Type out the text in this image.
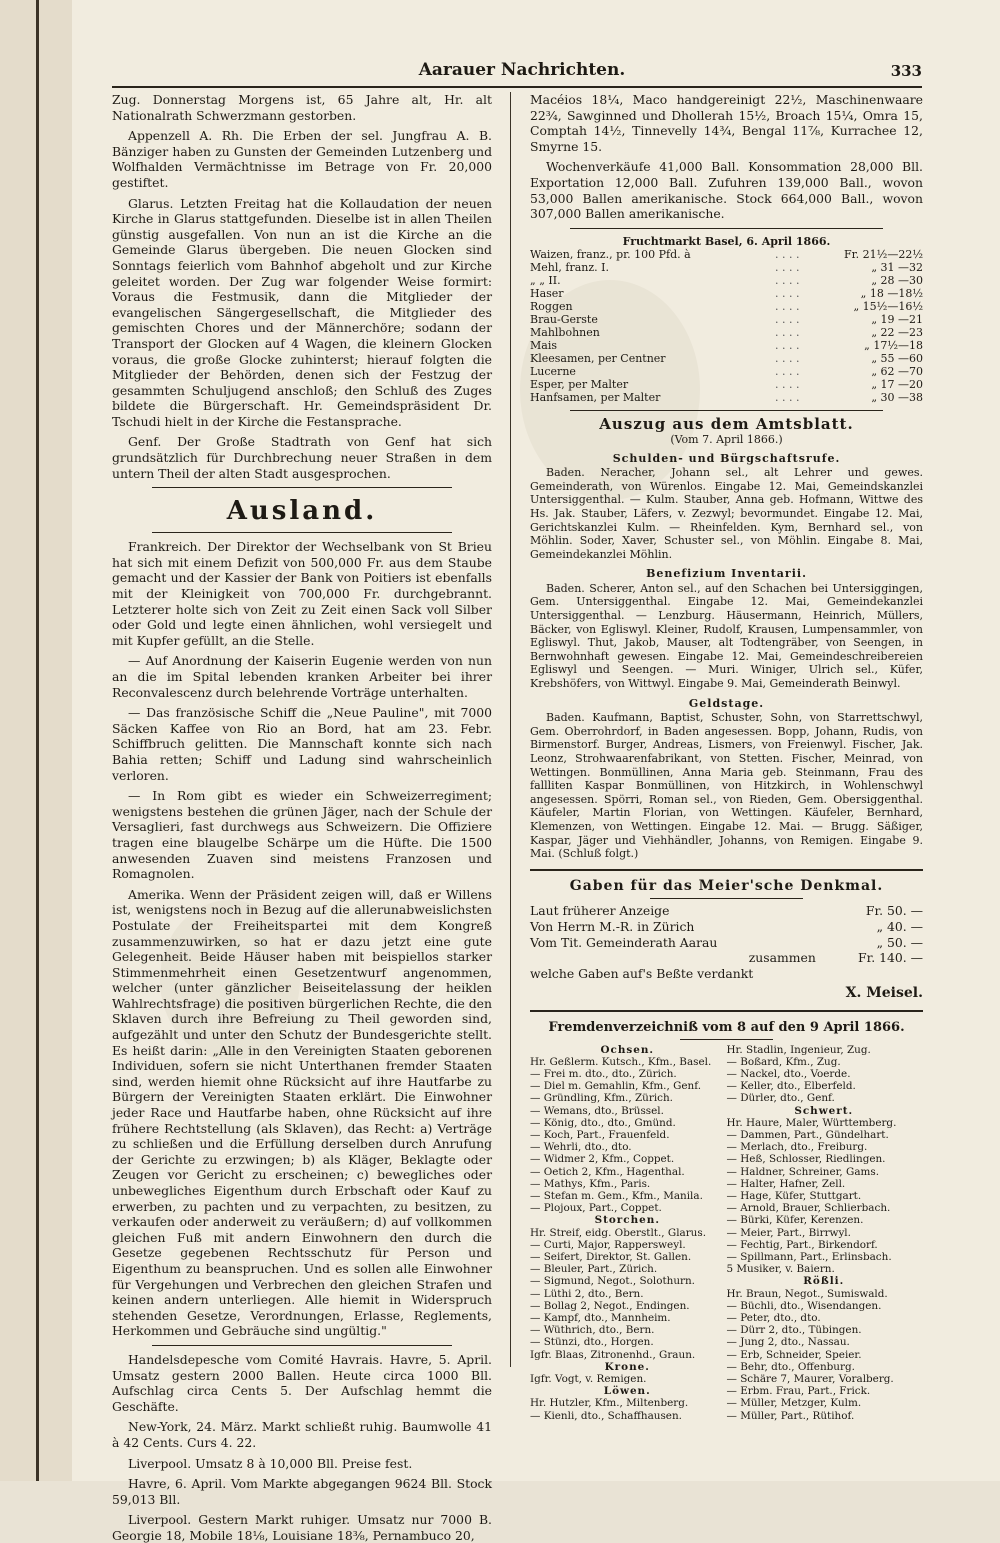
Aarauer Nachrichten.	333

Zug. Donnerstag Morgens ist, 65 Jahre alt, Hr. alt Nationalrath Schwerzmann gestorben.

Appenzell A. Rh. Die Erben der sel. Jungfrau A. B. Bänziger haben zu Gunsten der Gemeinden Lutzenberg und Wolfhalden Vermächtnisse im Betrage von Fr. 20,000 gestiftet.

Glarus. Letzten Freitag hat die Kollaudation der neuen Kirche in Glarus stattgefunden. Dieselbe ist in allen Theilen günstig ausgefallen. Von nun an ist die Kirche an die Gemeinde Glarus übergeben. Die neuen Glocken sind Sonntags feierlich vom Bahnhof abgeholt und zur Kirche geleitet worden. Der Zug war folgender Weise formirt: Voraus die Festmusik, dann die Mitglieder der evangelischen Sängergesellschaft, die Mitglieder des gemischten Chores und der Männerchöre; sodann der Transport der Glocken auf 4 Wagen, die kleinern Glocken voraus, die große Glocke zuhinterst; hierauf folgten die Mitglieder der Behörden, denen sich der Festzug der gesammten Schuljugend anschloß; den Schluß des Zuges bildete die Bürgerschaft. Hr. Gemeindspräsident Dr. Tschudi hielt in der Kirche die Festansprache.

Genf. Der Große Stadtrath von Genf hat sich grundsätzlich für Durchbrechung neuer Straßen in dem untern Theil der alten Stadt ausgesprochen.

Ausland.

Frankreich. Der Direktor der Wechselbank von St Brieu hat sich mit einem Defizit von 500,000 Fr. aus dem Staube gemacht und der Kassier der Bank von Poitiers ist ebenfalls mit der Kleinigkeit von 700,000 Fr. durchgebrannt. Letzterer holte sich von Zeit zu Zeit einen Sack voll Silber oder Gold und legte einen ähnlichen, wohl versiegelt und mit Kupfer gefüllt, an die Stelle.

— Auf Anordnung der Kaiserin Eugenie werden von nun an die im Spital lebenden kranken Arbeiter bei ihrer Reconvalescenz durch belehrende Vorträge unterhalten.

— Das französische Schiff die „Neue Pauline", mit 7000 Säcken Kaffee von Rio an Bord, hat am 23. Febr. Schiffbruch gelitten. Die Mannschaft konnte sich nach Bahia retten; Schiff und Ladung sind wahrscheinlich verloren.

— In Rom gibt es wieder ein Schweizerregiment; wenigstens bestehen die grünen Jäger, nach der Schule der Versaglieri, fast durchwegs aus Schweizern. Die Offiziere tragen eine blaugelbe Schärpe um die Hüfte. Die 1500 anwesenden Zuaven sind meistens Franzosen und Romagnolen.

Amerika. Wenn der Präsident zeigen will, daß er Willens ist, wenigstens noch in Bezug auf die allerunabweislichsten Postulate der Freiheitspartei mit dem Kongreß zusammenzuwirken, so hat er dazu jetzt eine gute Gelegenheit. Beide Häuser haben mit beispiellos starker Stimmenmehrheit einen Gesetzentwurf angenommen, welcher (unter gänzlicher Beiseitelassung der heiklen Wahlrechtsfrage) die positiven bürgerlichen Rechte, die den Sklaven durch ihre Befreiung zu Theil geworden sind, aufgezählt und unter den Schutz der Bundesgerichte stellt. Es heißt darin: „Alle in den Vereinigten Staaten geborenen Individuen, sofern sie nicht Unterthanen fremder Staaten sind, werden hiemit ohne Rücksicht auf ihre Hautfarbe zu Bürgern der Vereinigten Staaten erklärt. Die Einwohner jeder Race und Hautfarbe haben, ohne Rücksicht auf ihre frühere Rechtstellung (als Sklaven), das Recht: a) Verträge zu schließen und die Erfüllung derselben durch Anrufung der Gerichte zu erzwingen; b) als Kläger, Beklagte oder Zeugen vor Gericht zu erscheinen; c) bewegliches oder unbewegliches Eigenthum durch Erbschaft oder Kauf zu erwerben, zu pachten und zu verpachten, zu besitzen, zu verkaufen oder anderweit zu veräußern; d) auf vollkommen gleichen Fuß mit andern Einwohnern den durch die Gesetze gegebenen Rechtsschutz für Person und Eigenthum zu beanspruchen. Und es sollen alle Einwohner für Vergehungen und Verbrechen den gleichen Strafen und keinen andern unterliegen. Alle hiemit in Widerspruch stehenden Gesetze, Verordnungen, Erlasse, Reglements, Herkommen und Gebräuche sind ungültig."

Handelsdepesche vom Comité Havrais. Havre, 5. April. Umsatz gestern 2000 Ballen. Heute circa 1000 Bll. Aufschlag circa Cents 5. Der Aufschlag hemmt die Geschäfte.

New-York, 24. März. Markt schließt ruhig. Baumwolle 41 à 42 Cents. Curs 4. 22.

Liverpool. Umsatz 8 à 10,000 Bll. Preise fest.

Havre, 6. April. Vom Markte abgegangen 9624 Bll. Stock 59,013 Bll.

Liverpool. Gestern Markt ruhiger. Umsatz nur 7000 B. Georgie 18, Mobile 18⅛, Louisiane 18⅜, Pernambuco 20,

Macéios 18¼, Maco handgereinigt 22½, Maschinenwaare 22¾, Sawginned und Dhollerah 15½, Broach 15¼, Omra 15, Comptah 14½, Tinnevelly 14¾, Bengal 11⅞, Kurrachee 12, Smyrne 15.

Wochenverkäufe 41,000 Ball. Konsommation 28,000 Bll. Exportation 12,000 Ball. Zufuhren 139,000 Ball., wovon 53,000 Ballen amerikanische. Stock 664,000 Ball., wovon 307,000 Ballen amerikanische.

Fruchtmarkt Basel, 6. April 1866.
Waizen, franz., pr. 100 Pfd. à	. . . .	Fr. 21½—22½
Mehl, franz. I.	. . . .	„ 31 —32
„ „ II.	. . . .	„ 28 —30
Haser	. . . .	„ 18 —18½
Roggen	. . . .	„ 15½—16½
Brau-Gerste	. . . .	„ 19 —21
Mahlbohnen	. . . .	„ 22 —23
Mais	. . . .	„ 17½—18
Kleesamen, per Centner	. . . .	„ 55 —60
Lucerne	. . . .	„ 62 —70
Esper, per Malter	. . . .	„ 17 —20
Hanfsamen, per Malter	. . . .	„ 30 —38
Auszug aus dem Amtsblatt.
(Vom 7. April 1866.)
Schulden- und Bürgschaftsrufe.

Baden. Neracher, Johann sel., alt Lehrer und gewes. Gemeinderath, von Würenlos. Eingabe 12. Mai, Gemeindskanzlei Untersiggenthal. — Kulm. Stauber, Anna geb. Hofmann, Wittwe des Hs. Jak. Stauber, Läfers, v. Zezwyl; bevormundet. Eingabe 12. Mai, Gerichtskanzlei Kulm. — Rheinfelden. Kym, Bernhard sel., von Möhlin. Soder, Xaver, Schuster sel., von Möhlin. Eingabe 8. Mai, Gemeindekanzlei Möhlin.

Benefizium Inventarii.

Baden. Scherer, Anton sel., auf den Schachen bei Untersiggingen, Gem. Untersiggenthal. Eingabe 12. Mai, Gemeindekanzlei Untersiggenthal. — Lenzburg. Häusermann, Heinrich, Müllers, Bäcker, von Egliswyl. Kleiner, Rudolf, Krausen, Lumpensammler, von Egliswyl. Thut, Jakob, Mauser, alt Todtengräber, von Seengen, in Bernwohnhaft gewesen. Eingabe 12. Mai, Gemeindeschreibereien Egliswyl und Seengen. — Muri. Winiger, Ulrich sel., Küfer, Krebshöfers, von Wittwyl. Eingabe 9. Mai, Gemeinderath Beinwyl.

Geldstage.

Baden. Kaufmann, Baptist, Schuster, Sohn, von Starrettschwyl, Gem. Oberrohrdorf, in Baden angesessen. Bopp, Johann, Rudis, von Birmenstorf. Burger, Andreas, Lismers, von Freienwyl. Fischer, Jak. Leonz, Strohwaarenfabrikant, von Stetten. Fischer, Meinrad, von Wettingen. Bonmüllinen, Anna Maria geb. Steinmann, Frau des fallliten Kaspar Bonmüllinen, von Hitzkirch, in Wohlenschwyl angesessen. Spörri, Roman sel., von Rieden, Gem. Obersiggenthal. Käufeler, Martin Florian, von Wettingen. Käufeler, Bernhard, Klemenzen, von Wettingen. Eingabe 12. Mai. — Brugg. Säßiger, Kaspar, Jäger und Viehhändler, Johanns, von Remigen. Eingabe 9. Mai. (Schluß folgt.)

Gaben für das Meier'sche Denkmal.
Laut früherer Anzeige	Fr. 50. —
Von Herrn M.-R. in Zürich	„ 40. —
Vom Tit. Gemeinderath Aarau	„ 50. —
zusammen	Fr. 140. —

welche Gaben auf's Beßte verdankt

X. Meisel.
Fremdenverzeichniß vom 8 auf den 9 April 1866.
Ochsen.
Hr. Geßlerm. Kutsch., Kfm., Basel.
— Frei m. dto., dto., Zürich.
— Diel m. Gemahlin, Kfm., Genf.
— Gründling, Kfm., Zürich.
— Wemans, dto., Brüssel.
— König, dto., dto., Gmünd.
— Koch, Part., Frauenfeld.
— Wehrli, dto., dto.
— Widmer 2, Kfm., Coppet.
— Oetich 2, Kfm., Hagenthal.
— Mathys, Kfm., Paris.
— Stefan m. Gem., Kfm., Manila.
— Plojoux, Part., Coppet.
Storchen.
Hr. Streif, eidg. Oberstlt., Glarus.
— Curti, Major, Rappersweyl.
— Seifert, Direktor, St. Gallen.
— Bleuler, Part., Zürich.
— Sigmund, Negot., Solothurn.
— Lüthi 2, dto., Bern.
— Bollag 2, Negot., Endingen.
— Kampf, dto., Mannheim.
— Wüthrich, dto., Bern.
— Stünzi, dto., Horgen.
Igfr. Blaas, Zitronenhd., Graun.
Krone.
Igfr. Vogt, v. Remigen.
Löwen.
Hr. Hutzler, Kfm., Miltenberg.
— Kienli, dto., Schaffhausen.

Hr. Stadlin, Ingenieur, Zug.
— Boßard, Kfm., Zug.
— Nackel, dto., Voerde.
— Keller, dto., Elberfeld.
— Dürler, dto., Genf.
Schwert.
Hr. Haure, Maler, Württemberg.
— Dammen, Part., Gündelhart.
— Merlach, dto., Freiburg.
— Heß, Schlosser, Riedlingen.
— Haldner, Schreiner, Gams.
— Halter, Hafner, Zell.
— Hage, Küfer, Stuttgart.
— Arnold, Brauer, Schlierbach.
— Bürki, Küfer, Kerenzen.
— Meier, Part., Birrwyl.
— Fechtig, Part., Birkendorf.
— Spillmann, Part., Erlinsbach.
5 Musiker, v. Baiern.
Rößli.
Hr. Braun, Negot., Sumiswald.
— Büchli, dto., Wisendangen.
— Peter, dto., dto.
— Dürr 2, dto., Tübingen.
— Jung 2, dto., Nassau.
— Erb, Schneider, Speier.
— Behr, dto., Offenburg.
— Schäre 7, Maurer, Voralberg.
— Erbm. Frau, Part., Frick.
— Müller, Metzger, Kulm.
— Müller, Part., Rütihof.
